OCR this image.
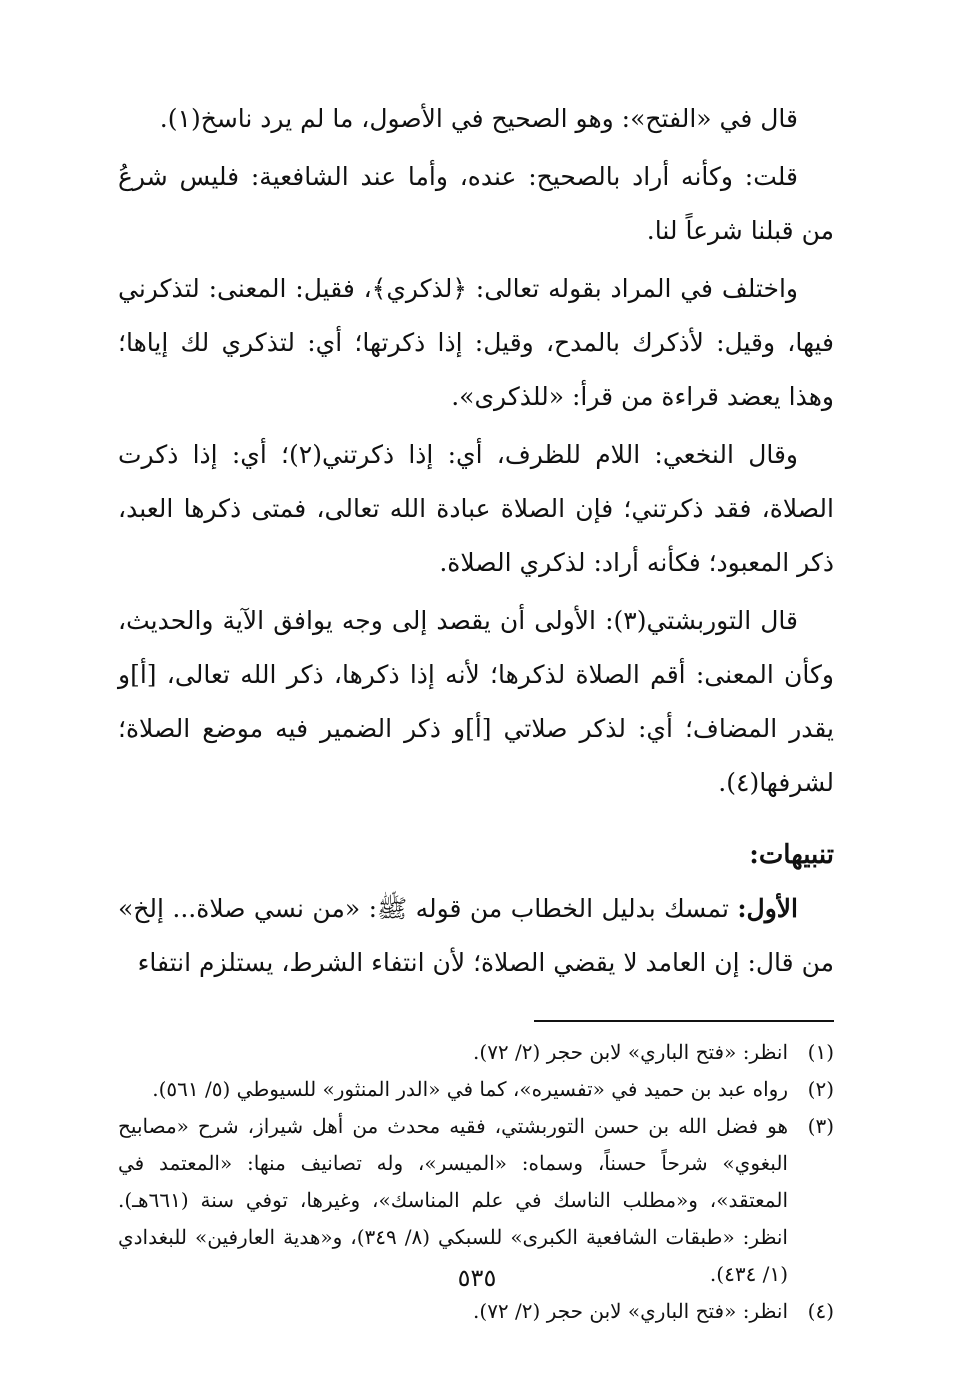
قال في «الفتح»: وهو الصحيح في الأصول، ما لم يرد ناسخ(١).

قلت: وكأنه أراد بالصحيح: عنده، وأما عند الشافعية: فليس شرعُ من قبلنا شرعاً لنا.

واختلف في المراد بقوله تعالى: ﴿لذكري﴾، فقيل: المعنى: لتذكرني فيها، وقيل: لأذكرك بالمدح، وقيل: إذا ذكرتها؛ أي: لتذكري لك إياها؛ وهذا يعضد قراءة من قرأ: «للذكرى».

وقال النخعي: اللام للظرف، أي: إذا ذكرتني(٢)؛ أي: إذا ذكرت الصلاة، فقد ذكرتني؛ فإن الصلاة عبادة الله تعالى، فمتى ذكرها العبد، ذكر المعبود؛ فكأنه أراد: لذكري الصلاة.

قال التوربشتي(٣): الأولى أن يقصد إلى وجه يوافق الآية والحديث، وكأن المعنى: أقم الصلاة لذكرها؛ لأنه إذا ذكرها، ذكر الله تعالى، [أ]و يقدر المضاف؛ أي: لذكر صلاتي [أ]و ذكر الضمير فيه موضع الصلاة؛ لشرفها(٤).

تنبيهات:

الأول: تمسك بدليل الخطاب من قوله ﷺ: «من نسي صلاة... إلخ» من قال: إن العامد لا يقضي الصلاة؛ لأن انتفاء الشرط، يستلزم انتفاء

(١)
انظر: «فتح الباري» لابن حجر (٢/ ٧٢).
(٢)
رواه عبد بن حميد في «تفسيره»، كما في «الدر المنثور» للسيوطي (٥/ ٥٦١).
(٣)
هو فضل الله بن حسن التوربشتي، فقيه محدث من أهل شيراز، شرح «مصابيح البغوي» شرحاً حسناً، وسماه: «الميسر»، وله تصانيف منها: «المعتمد في المعتقد»، و«مطلب الناسك في علم المناسك»، وغيرها، توفي سنة (٦٦١هـ). انظر: «طبقات الشافعية الكبرى» للسبكي (٨/ ٣٤٩)، و«هدية العارفين» للبغدادي (١/ ٤٣٤).
(٤)
انظر: «فتح الباري» لابن حجر (٢/ ٧٢).
٥٣٥
